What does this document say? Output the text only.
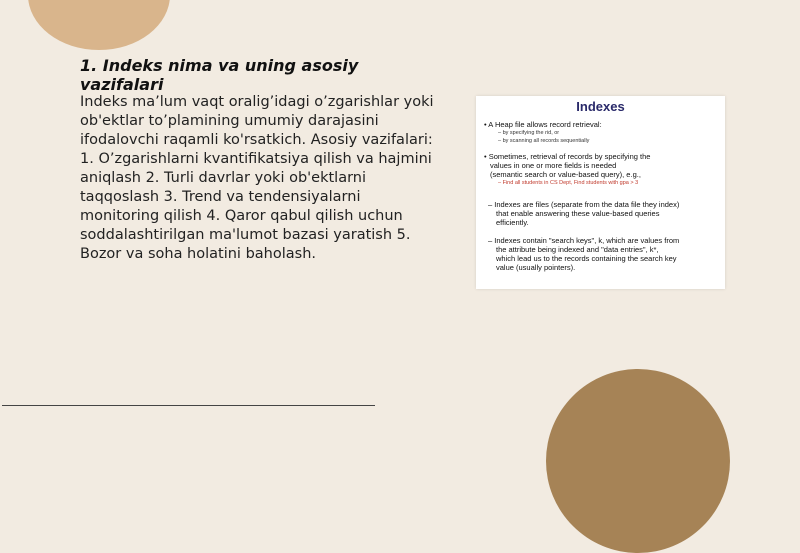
1. Indeks nima va uning asosiy vazifalari

Indeks ma’lum vaqt oralig’idagi o’zgarishlar yoki ob'ektlar to’plamining umumiy darajasini ifodalovchi raqamli ko'rsatkich. Asosiy vazifalari: 1. O’zgarishlarni kvantifikatsiya qilish va hajmini aniqlash 2. Turli davrlar yoki ob'ektlarni taqqoslash 3. Trend va tendensiyalarni monitoring qilish 4. Qaror qabul qilish uchun soddalashtirilgan ma'lumot bazasi yaratish 5. Bozor va soha holatini baholash.

Indexes
• A Heap file allows record retrieval:
– by specifying the rid, or
– by scanning all records sequentially
• Sometimes, retrieval of records by specifying the
values in one or more fields is needed
(semantic search or value-based query), e.g.,
– Find all students in CS Dept, Find students with gpa > 3
– Indexes are files (separate from the data file they index)
that enable answering these value-based queries
efficiently.
– Indexes contain "search keys", k, which are values from
the attribute being indexed and "data entries", k*,
which lead us to the records containing the search key
value (usually pointers).
